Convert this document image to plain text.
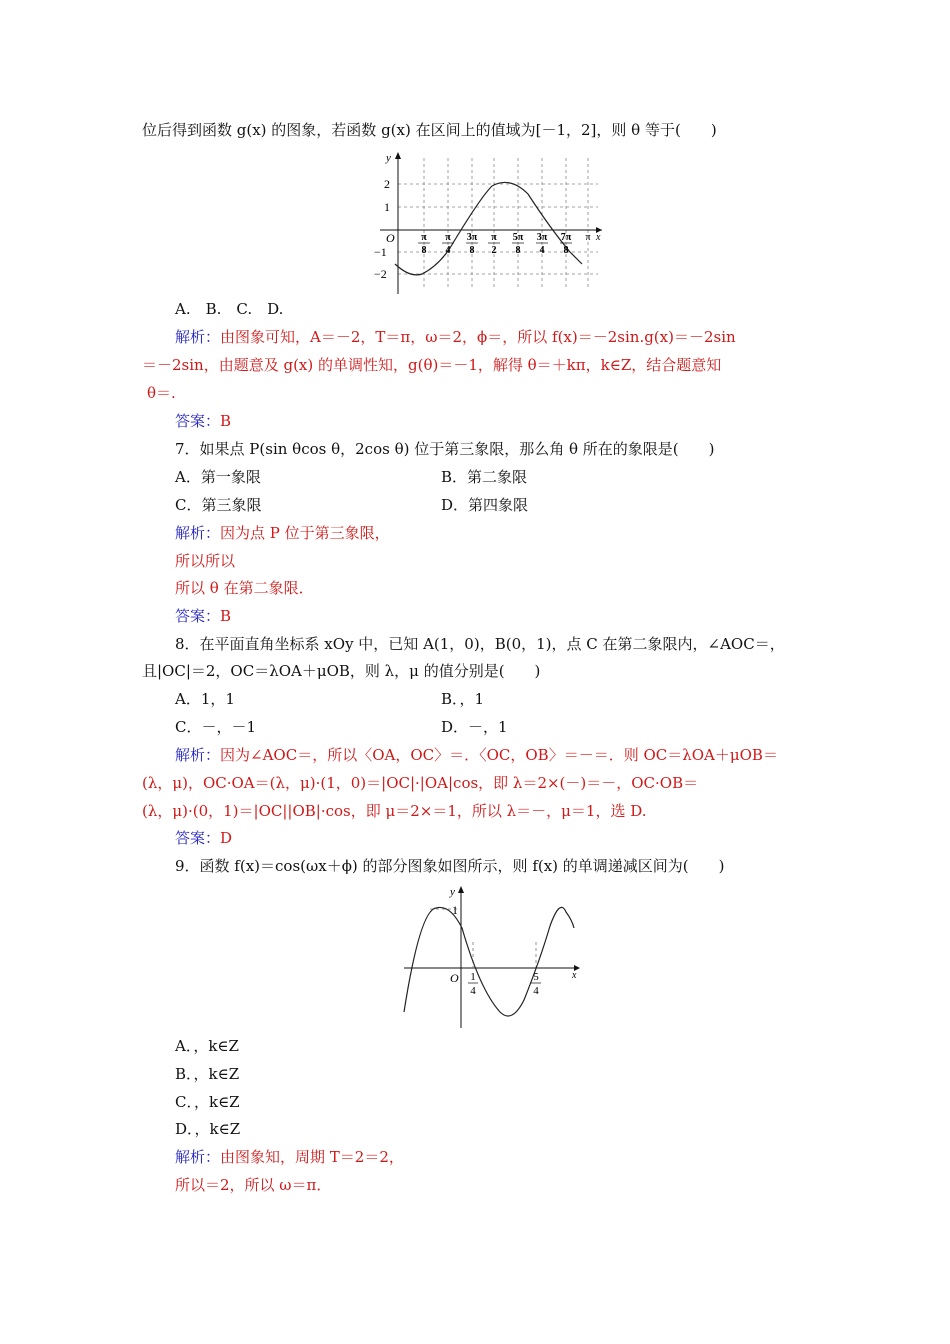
位后得到函数 g(x) 的图象，若函数 g(x) 在区间上的值域为[－1，2]，则 θ 等于(　　)
A.　B.　C.　D.
解析：由图象可知，A＝－2，T＝π，ω＝2，ϕ＝，所以 f(x)＝－2sin.g(x)＝－2sin
＝－2sin，由题意及 g(x) 的单调性知，g(θ)＝－1，解得 θ＝＋kπ，k∈Z，结合题意知
θ＝.
答案：B
7．如果点 P(sin θcos θ，2cos θ) 位于第三象限，那么角 θ 所在的象限是(　　)
A．第一象限	B．第二象限
C．第三象限	D．第四象限
解析：因为点 P 位于第三象限，
所以所以
所以 θ 在第二象限．
答案：B
8．在平面直角坐标系 xOy 中，已知 A(1，0)，B(0，1)，点 C 在第二象限内，∠AOC＝，
且|OC|＝2，OC＝λOA＋μOB，则 λ，μ 的值分别是(　　)
A．1，1	B．，1
C．－，－1	D．－，1
解析：因为∠AOC＝，所以〈OA，OC〉＝．〈OC，OB〉＝－＝．则 OC＝λOA＋μOB＝
(λ，μ)，OC·OA＝(λ，μ)·(1，0)＝|OC|·|OA|cos，即 λ＝2×(－)＝－，OC·OB＝
(λ，μ)·(0，1)＝|OC||OB|·cos，即 μ＝2×＝1，所以 λ＝－，μ＝1，选 D.
答案：D
9．函数 f(x)＝cos(ωx＋ϕ) 的部分图象如图所示，则 f(x) 的单调递减区间为(　　)
A．，k∈Z
B．，k∈Z
C．，k∈Z
D．，k∈Z
解析：由图象知，周期 T＝2＝2，
所以＝2，所以 ω＝π．
y
x
O
2
1
−1
−2
π
8
π
4
3π
8
π
2
5π
8
3π
4
7π
8
π
y
x
O
1
1
4
5
4
